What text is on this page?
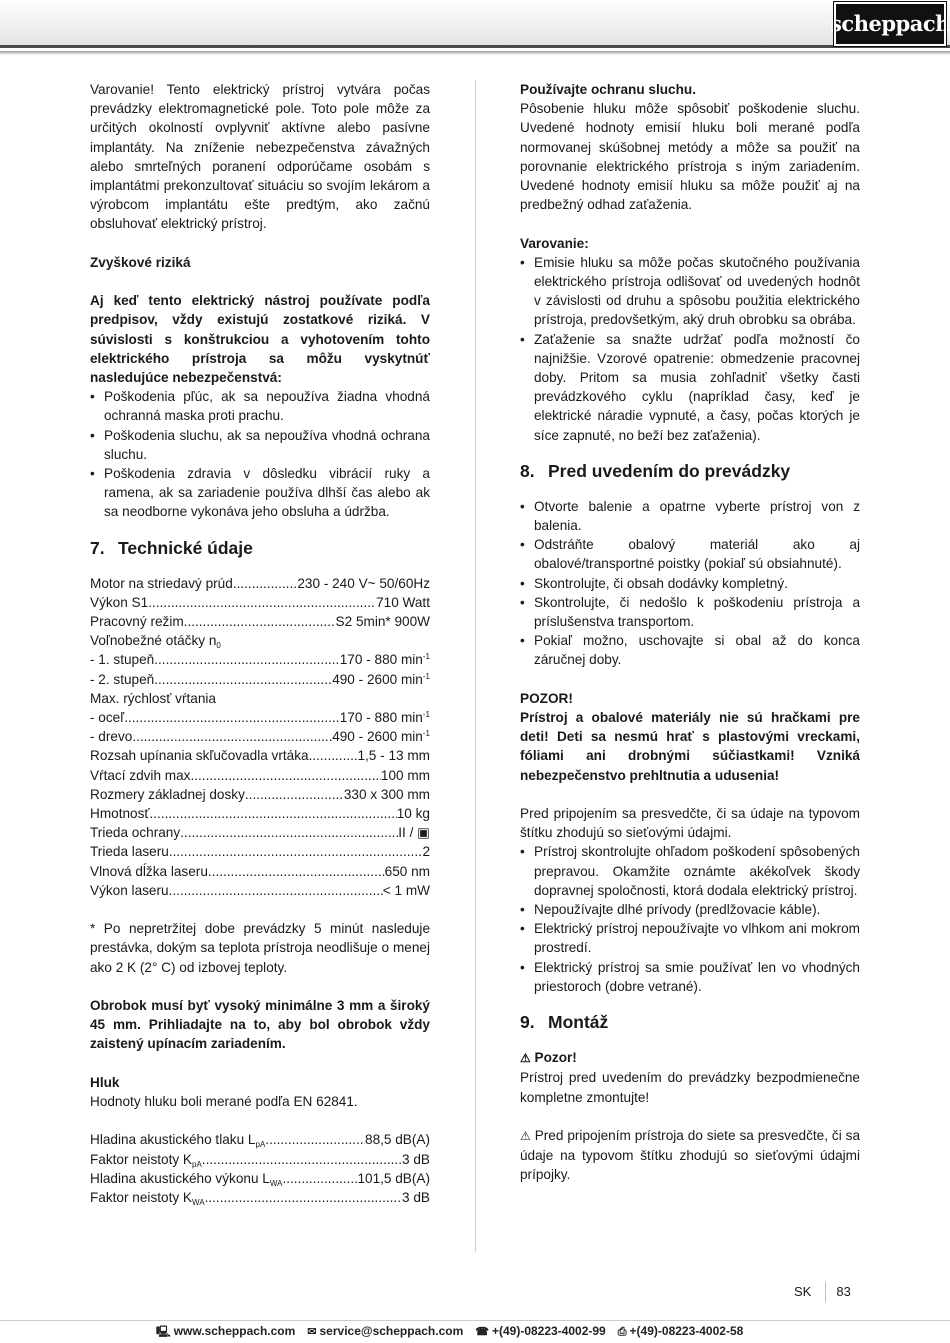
scheppach

Varovanie! Tento elektrický prístroj vytvára počas prevádzky elektromagnetické pole. Toto pole môže za určitých okolností ovplyvniť aktívne alebo pasívne implantáty. Na zníženie nebezpečenstva závažných alebo smrteľných poranení odporúčame osobám s implantátmi prekonzultovať situáciu so svojím lekárom a výrobcom implantátu ešte predtým, ako začnú obsluhovať elektrický prístroj.

Zvyškové riziká

Aj keď tento elektrický nástroj používate podľa predpisov, vždy existujú zostatkové riziká. V súvislosti s konštrukciou a vyhotovením tohto elektrického prístroja sa môžu vyskytnúť nasledujúce nebezpečenstvá:

• Poškodenia pľúc, ak sa nepoužíva žiadna vhodná ochranná maska proti prachu.
• Poškodenia sluchu, ak sa nepoužíva vhodná ochrana sluchu.
• Poškodenia zdravia v dôsledku vibrácií ruky a ramena, ak sa zariadenie používa dlhší čas alebo ak sa neodborne vykonáva jeho obsluha a údržba.
7. Technické údaje
Motor na striedavý prúd .....	230 - 240 V~ 50/60Hz
Výkon S1 .....	710 Watt
Pracovný režim .....	S2 5min* 900W
Voľnobežné otáčky $n_0$
- 1. stupeň .....	170 - 880 $\min^{-1}$
- 2. stupeň .....	490 - 2600 $\min^{-1}$
Max. rýchlosť vŕtania
- oceľ .....	170 - 880 $\min^{-1}$
- drevo .....	490 - 2600 $\min^{-1}$
Rozsah upínania skľučovadla vrtáka .....	1,5 - 13 mm
Vŕtací zdvih max. .....	100 mm
Rozmery základnej dosky .....	330 x 300 mm
Hmotnosť .....	10 kg
Trieda ochrany .....	II / ▣
Trieda laseru .....	2
Vlnová dĺžka laseru .....	650 nm
Výkon laseru .....	< 1 mW

* Po nepretržitej dobe prevádzky 5 minút nasleduje prestávka, dokým sa teplota prístroja neodlišuje o menej ako 2 K (2° C) od izbovej teploty.

Obrobok musí byť vysoký minimálne 3 mm a široký 45 mm. Prihliadajte na to, aby bol obrobok vždy zaistený upínacím zariadením.

Hluk

Hodnoty hluku boli merané podľa EN 62841.

Hladina akustického tlaku $L_{pA}$ .....	88,5 dB(A)
Faktor neistoty $K_{pA}$ .....	3 dB
Hladina akustického výkonu $L_{WA}$ .....	101,5 dB(A)
Faktor neistoty $K_{WA}$ .....	3 dB

Používajte ochranu sluchu.

Pôsobenie hluku môže spôsobiť poškodenie sluchu. Uvedené hodnoty emisií hluku boli merané podľa normovanej skúšobnej metódy a môže sa použiť na porovnanie elektrického prístroja s iným zariadením. Uvedené hodnoty emisií hluku sa môže použiť aj na predbežný odhad zaťaženia.

Varovanie:

• Emisie hluku sa môže počas skutočného používania elektrického prístroja odlišovať od uvedených hodnôt v závislosti od druhu a spôsobu použitia elektrického prístroja, predovšetkým, aký druh obrobku sa obrába.
• Zaťaženie sa snažte udržať podľa možností čo najnižšie. Vzorové opatrenie: obmedzenie pracovnej doby. Pritom sa musia zohľadniť všetky časti prevádzkového cyklu (napríklad časy, keď je elektrické náradie vypnuté, a časy, počas ktorých je síce zapnuté, no beží bez zaťaženia).
8. Pred uvedením do prevádzky
• Otvorte balenie a opatrne vyberte prístroj von z balenia.
• Odstráňte obalový materiál ako aj obalové/transportné poistky (pokiaľ sú obsiahnuté).
• Skontrolujte, či obsah dodávky kompletný.
• Skontrolujte, či nedošlo k poškodeniu prístroja a príslušenstva transportom.
• Pokiaľ možno, uschovajte si obal až do konca záručnej doby.

POZOR!

Prístroj a obalové materiály nie sú hračkami pre deti! Deti sa nesmú hrať s plastovými vreckami, fóliami ani drobnými súčiastkami! Vzniká nebezpečenstvo prehltnutia a udusenia!

Pred pripojením sa presvedčte, či sa údaje na typovom štítku zhodujú so sieťovými údajmi.

• Prístroj skontrolujte ohľadom poškodení spôsobených prepravou. Okamžite oznámte akékoľvek škody dopravnej spoločnosti, ktorá dodala elektrický prístroj.
• Nepoužívajte dlhé prívody (predlžovacie káble).
• Elektrický prístroj nepoužívajte vo vlhkom ani mokrom prostredí.
• Elektrický prístroj sa smie používať len vo vhodných priestoroch (dobre vetrané).
9. Montáž

⚠ Pozor!

Prístroj pred uvedením do prevádzky bezpodmienečne kompletne zmontujte!

⚠ Pred pripojením prístroja do siete sa presvedčte, či sa údaje na typovom štítku zhodujú so sieťovými údajmi prípojky.

SK 83
🖳 www.scheppach.com ✉ service@scheppach.com ☎ +(49)-08223-4002-99 ⎙ +(49)-08223-4002-58
